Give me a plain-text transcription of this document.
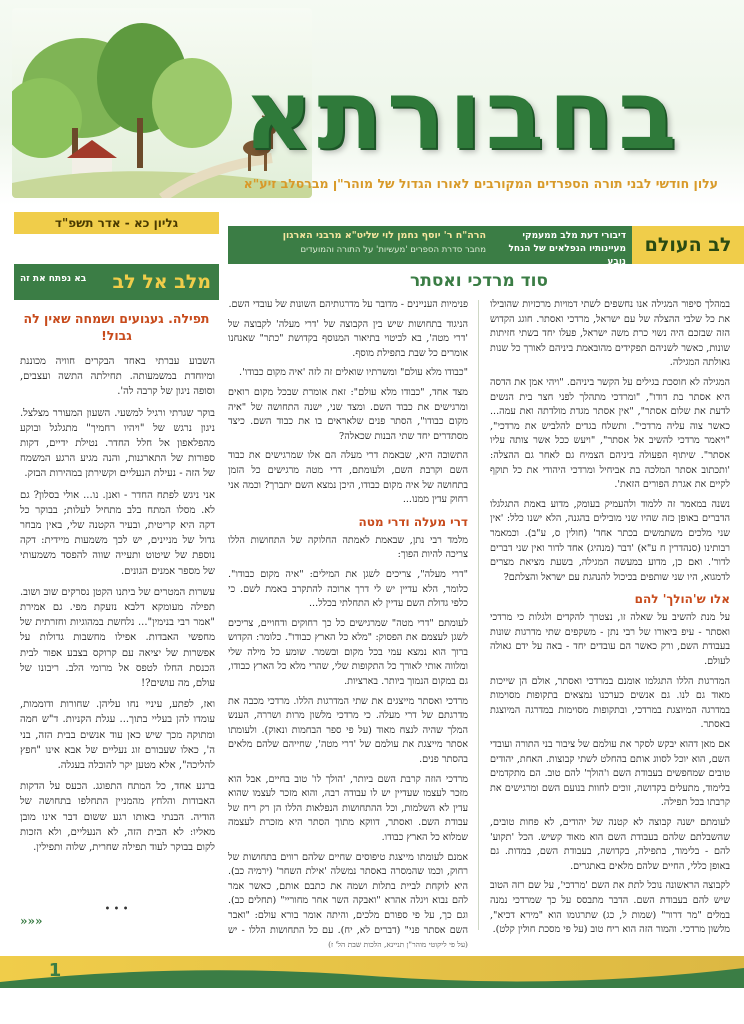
בחבורתא
עלון חודשי לבני תורה הספרדים המקורבים לאורו הגדול של מוהר"ן מברסלב זיע"א
גליון כא - אדר תשפ"ד
לב העולם
דיבורי דעת מלב ממעמקי מעיינותיו הנפלאים של הנחל נובע
הרה"ח ר' יוסף נחמן לוי שליט"א מרבני הארגון
מחבר סדרת הספרים 'מעשיות' על התורה והמועדים
מלב אל לב
בא נפתח את זה
תפילה. געגועים ושמחה שאין לה גבול!

השבוע עברתי באחד הבקרים חוויה מכוננת ומיוחדת במשמעותה. תחילתה התשה ועצבים, וסופה ניגון של קרבה לה'.

בוקר שגרתי ורגיל למשעי. השעון המעורר מצלצל. ניגון נרגש של "ויהיו רחמיך" מתגלגל ובוקע מהפלאפון אל חלל החדר. נטילת ידיים, דקות ספורות של התארגנות, והנה מגיע הרגע המשמח של הזה - נעילת הנעליים וקשירתן במהירות הבזק.

אני ניגש לפתח החדר - ואנן. נו... אולי בסלון? גם לא. מסלו המתח בלב מתחיל לעלות; בבוקר כל דקה היא קריטית, ובעיר הקטנה שלי, באין מבחר גדול של מניינים, יש לכך משמעות מיידית: דקה נוספת של שיטוט ותעייה שווה להפסד משמעותי של מספר אמנים הגונים.

עשרות המטרים של ביתנו הקטן נסרקים שוב ושוב. תפילה מעומקא דלבא נזעקת מפי. גם אמירת "אמר רבי בנימין"... נלחשת במהוגיות וחזרתית של מחפשי האבדות. אפילו מחשבות גדולות על אפשרות של יציאה עם קרוקס בצבע אפור לבית הכנסת החלו לטפס אל מרומי הלב. ריבונו של עולם, מה עושים?!

ואז, לפתע, עיניי נחו עליהן. שחורות ודוממות, עומדו להן בעליי בתוך... עגלת הקניות. ד"ש חמה ומתוקה מכך שיש כאן עוד אנשים בבית הזה, בני ה', כאלו שעבורם זוג נעליים של אבא אינו "חפץ להליכה", אלא מטען יקר להובלה בעגלה.

ברגע אחד, כל המתח התפוגג. הכעס על הדקות האבודות והלחץ מהמניין התחלפו בתחושה של הודיה. הבנתי באותו רגע ששום דבר אינו מובן מאליו: לא הבית הזה, לא הנעליים, ולא הזכות לקום בבוקר לעוד תפילה שחרית, שלוה ותפילין.

• • •
«««
סוד מרדכי ואסתר

במהלך סיפור המגילה אנו נחשפים לשתי דמויות מרכזיות שהובילו את כל שלבי ההצלה של עם ישראל, מרדכי ואסתר. חוגג הקדוש הזה שבזכם היה נשוי כרת משה ישראל, פעלו יחד בשתי חזיתות שונות, כאשר לשניהם תפקידים מהובאמת ביניהם לאורך כל שנות גאולתה המגילה.

המגילה לא חוסכת בגילים על הקשר ביניהם. "ויהי אמן את הדסה היא אסתר בת דודו", "ומרדכי מתהלך לפני חצר בית הנשים לדעת את שלום אסתר", "אין אסתר מגדת מולדתה ואת עמה... כאשר צוה עליה מרדכי". ותשלח בגדים להלביש את מרדכי", "ויאמר מרדכי להשיב אל אסתר", "ויעש ככל אשר צותה עליו אסתר". שיתוף הפעולה ביניהם הצמיח גם לאחר גם ההצלה: 'ותכתוב אסתר המלכה בת אביחיל ומרדכי היהודי את כל תוקף לקיים את אגרת הפורים הזאת'.

נשנה במאמר זה ללמוד ולהעמיק בעומק, מדוע באמת התגלגלו הדברים באופן כזה שהיו שני מובילים בהגנה, הלא ישנו כלל: 'אין שני מלכים משתמשים בכתר אחד' (חולין ס, ע"ב). וכמאמר רבותינו (סנהדרין ח ע"א) 'דבר (מנהיג) אחד לדור ואין שני דברים לדור'. ואם כן, מדוע במעשה המגילה, בשעת מציאת מצרים לדמגוא, היו שני שותפים בכיכול להנהגת עם ישראל והצלתם?

אלו ש'הולך' להם

על מנת להשיב על שאלה זו, נצטרך להקדים ולגלות כי מרדכי ואסתר - עיפ ביאורו של רבי נתן - משקפים שתי מדרגות שונות בעבודת השם, ורק כאשר הם עובדים יחד - באה על ידם גאולה לעולם.

המדרגות הללו התגלמו אומנם במרדכי ואסתר, אולם הן שייכות מאוד גם לנו. גם אנשים כערכנו נמצאים בתקופות מסוימות במדרגה המיוצגת במרדכי, ובתקופות מסוימות במדרגה המיוצגת באסתר.

אם מאן דהוא יבקש לסקר את עולמם של ציבור בני התורה ועובדי השם, הוא יוכל לסווג אותם בהחלט לשתי קבוצות. האחת, יהודים טובים שמחפשים בעבודת השם ו'הולך' להם טוב. הם מתקדמים בלימוד, מתעלים בקדושה, זוכים לחוות בנועם השם ומרגישים את קרבתו בכל תפילה.

לעומתם ישנה קבוצה לא קטנה של יהודים, לא פחות טובים, שהשבלתם שלהם בעבודת השם הוא מאוד קשיש. הכל 'תקוע' להם - בלימוד, בתפילה, בקדושה, בעבודת השם, במדות. גם באופן כללי, החיים שלהם מלאים באתגרים.

לקבוצה הראשונה נוכל לתת את השם 'מרדכי', על שם רזה הטוב שיש להם בעבודת השם. הדבר מתבסס על כך שמרדכי נמנה במלים "מר דרור" (שמות ל, כג) שתרגומו הוא "מירא דכיא", מלשון מרדכי. והמור הזה הוא ריח טוב (על פי מסכת חולין קלט).

פנימיות העניינים - מדובר על מדרגותיהם השונות של עובדי השם.

הניגוד בתחושות שיש בין הקבוצה של 'דרי מעלה' לקבוצה של 'דרי מטה', בא לביטוי בתיאור המנוסף בקדושת "כתר" שאנחנו אומרים כל שבת בתפילת מוסף.

"כבודו מלא עולם" ומשרתיו שואלים זה לזה 'איה מקום כבודו'.

מצד אחד, "כבודו מלא עולם": זאת אומרת שבכל מקום רואים ומרגישים את כבוד השם. ומצד שני, ישנה התחושה של "איה מקום כבודו", הסתר פנים שלאראים בו את כבוד השם. כיצד מסתדרים יחד שתי הבנות שכאלה?

התשובה היא, שבאמת דרי מעלה הם אלו שמרגישים את כבוד השם וקרבת השם, ולעומתם, דרי מטה מרגישים כל הזמן בתחושה של איה מקום כבודו, היכן נמצא השם יתברך? וכמה אני רחוק עדין ממנו...

דרי מעלה ודרי מטה

מלמד רבי נתן, שבאמת לאמתה החלוקה של התחושות הללו צריכה להיות הפוך:

"דרי מעלה", צריכים לשגן את המילים: "איה מקום כבודו". כלומר, הלא עדיין יש לי דרך ארוכה להתקרב באמת לשם. כי כלפי גדולת השם עדיין לא התחלתי בכלל...

לעומתם "דרי מטה" שמרגישים כל כך רחוקים ודחויים, צריכים לשגן לעצמם את הפסוק: "מלא כל הארץ כבודו". כלומר: הקדוש ברוך הוא נמצא עמי בכל מקום ובשמר. שומע כל מילה שלי ומלווה אותי לאורך כל התקופות שלי, שהרי מלא כל הארץ כבודו, גם במקום הנמוך ביותר. בארציות.

מרדכי ואסתר מייצגים את שתי המדרגות הללו. מרדכי מכבה את מדרגתם של דרי מעלה. כי מרדכי מלשון מרות ושררה, הענש המלך שהיה לנצח מאוד (על פי ספר הבחמות ונאוק). ולעומתו אסתר מייצגת את עולמם של 'דרי מטה', שחייהם שלהם מלאים בהסתר פנים.

מרדכי הוזה קרבת השם ביותר, 'הולך לו' טוב בחיים, אבל הוא מזכר לעצמו שעדיין יש לו עבודה רבה, והוא מזכר לעצמו שהוא עדין לא השלמות, וכל ההתחושות הנפלאות הללו הן רק ריח של עבודת השם. ואסתר, דווקא מתוך הסתר היא מזכרת לעצמה שמלוא כל הארץ כבודו.

אמנם לעומתו מייצגת טיפוסים שחיים שלהם רווים בתחושות של רחוק, וכמו שהמסרה באסתר נמשלה 'אילת השחר' (ירמיה כב). היא לוקחת לביית בתלות ושמה את כתבם אותם, כאשר אמר להם נבוא ויגלה אהרא "ואבקה השר אחר מחוריי" (תחלים כב). וגם כך, על פי ספורם מלכים, והיתה אומר בורא עולם: "ואבר השם אסתר פני" (דברים לא, יח). עם כל התחושות הללו - יש

(על פי ליקוטי מוהר"ן תניינא, הלכות שבת הל' ז)
1
